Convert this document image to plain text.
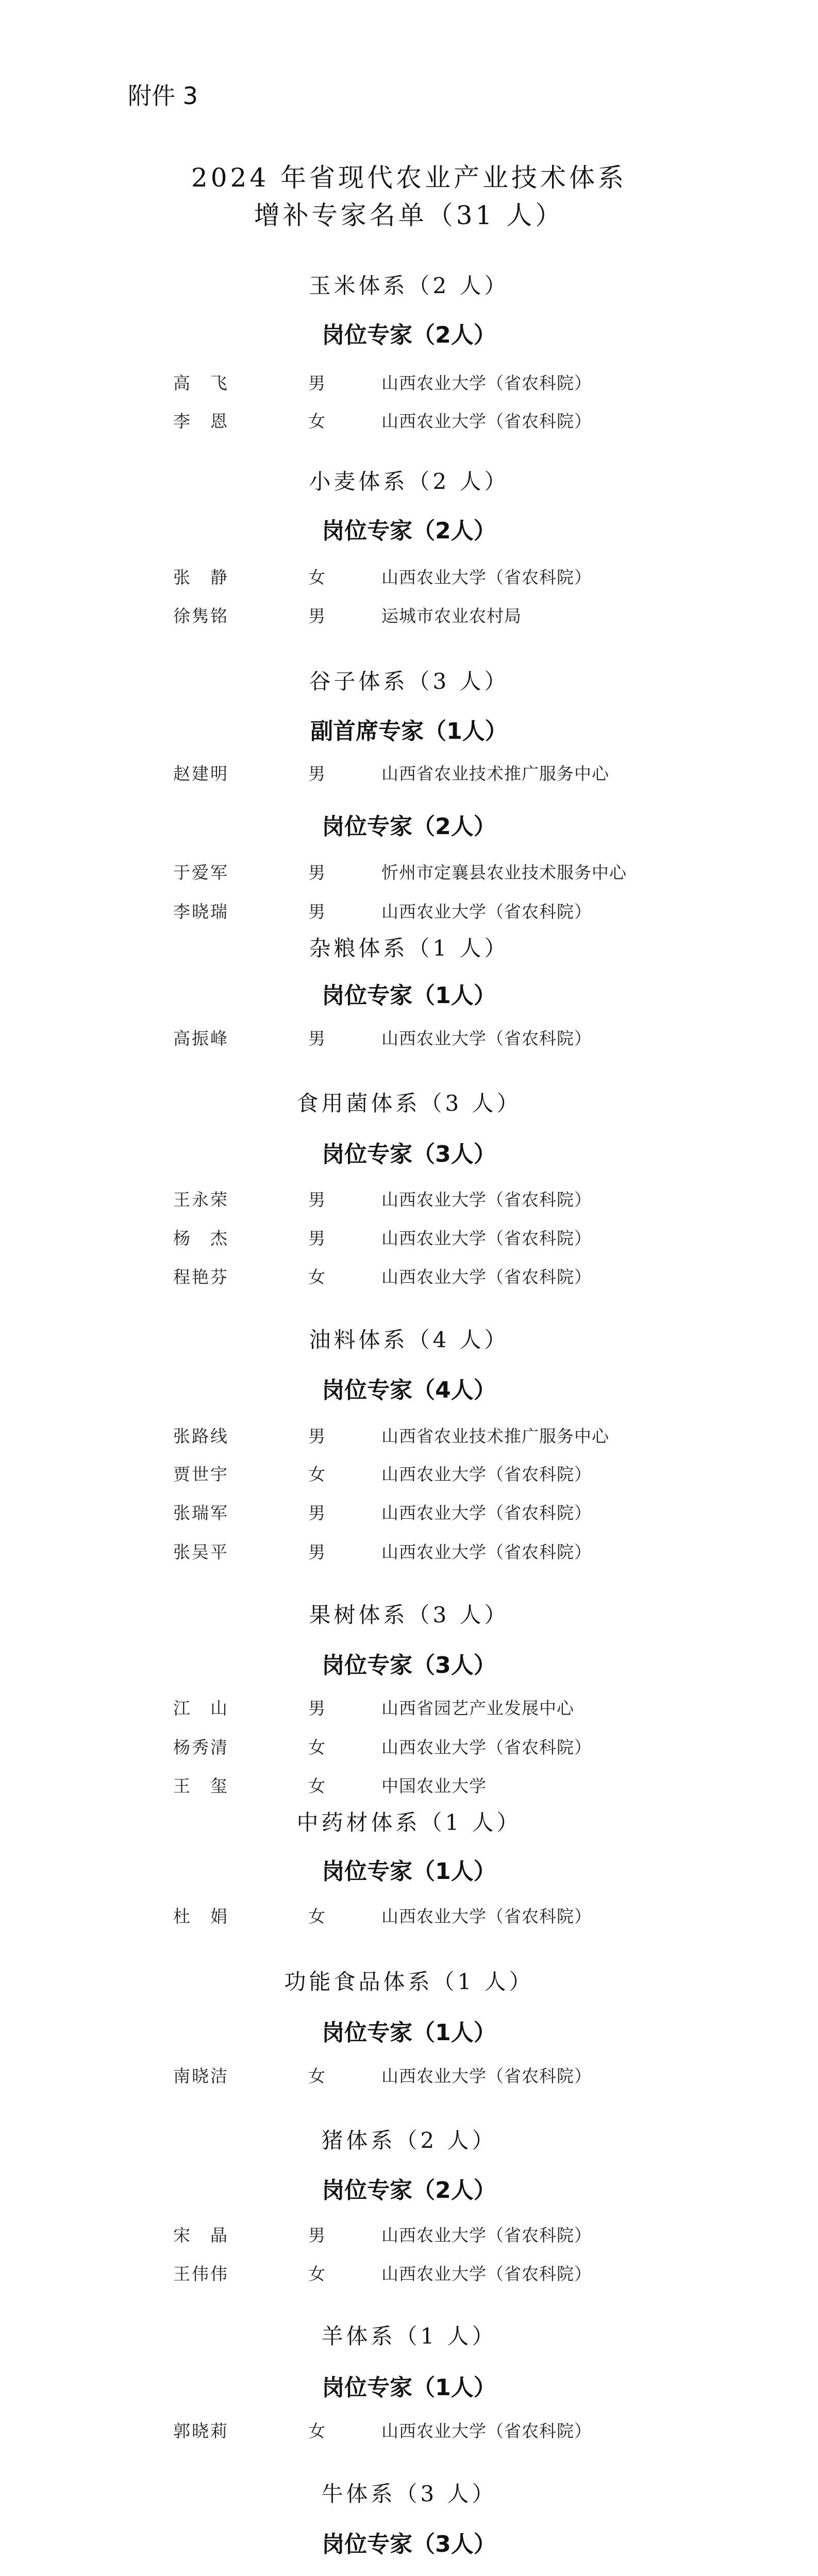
附件 3
2024 年省现代农业产业技术体系
增补专家名单（31 人）
玉米体系（2 人）
岗位专家（2人）
高　飞	男	山西农业大学（省农科院）
李　恩	女	山西农业大学（省农科院）
小麦体系（2 人）
岗位专家（2人）
张　静	女	山西农业大学（省农科院）
徐隽铭	男	运城市农业农村局
谷子体系（3 人）
副首席专家（1人）
赵建明	男	山西省农业技术推广服务中心
岗位专家（2人）
于爱军	男	忻州市定襄县农业技术服务中心
李晓瑞	男	山西农业大学（省农科院）
杂粮体系（1 人）
岗位专家（1人）
高振峰	男	山西农业大学（省农科院）
食用菌体系（3 人）
岗位专家（3人）
王永荣	男	山西农业大学（省农科院）
杨　杰	男	山西农业大学（省农科院）
程艳芬	女	山西农业大学（省农科院）
油料体系（4 人）
岗位专家（4人）
张路线	男	山西省农业技术推广服务中心
贾世宇	女	山西农业大学（省农科院）
张瑞军	男	山西农业大学（省农科院）
张吴平	男	山西农业大学（省农科院）
果树体系（3 人）
岗位专家（3人）
江　山	男	山西省园艺产业发展中心
杨秀清	女	山西农业大学（省农科院）
王　玺	女	中国农业大学
中药材体系（1 人）
岗位专家（1人）
杜　娟	女	山西农业大学（省农科院）
功能食品体系（1 人）
岗位专家（1人）
南晓洁	女	山西农业大学（省农科院）
猪体系（2 人）
岗位专家（2人）
宋　晶	男	山西农业大学（省农科院）
王伟伟	女	山西农业大学（省农科院）
羊体系（1 人）
岗位专家（1人）
郭晓莉	女	山西农业大学（省农科院）
牛体系（3 人）
岗位专家（3人）
